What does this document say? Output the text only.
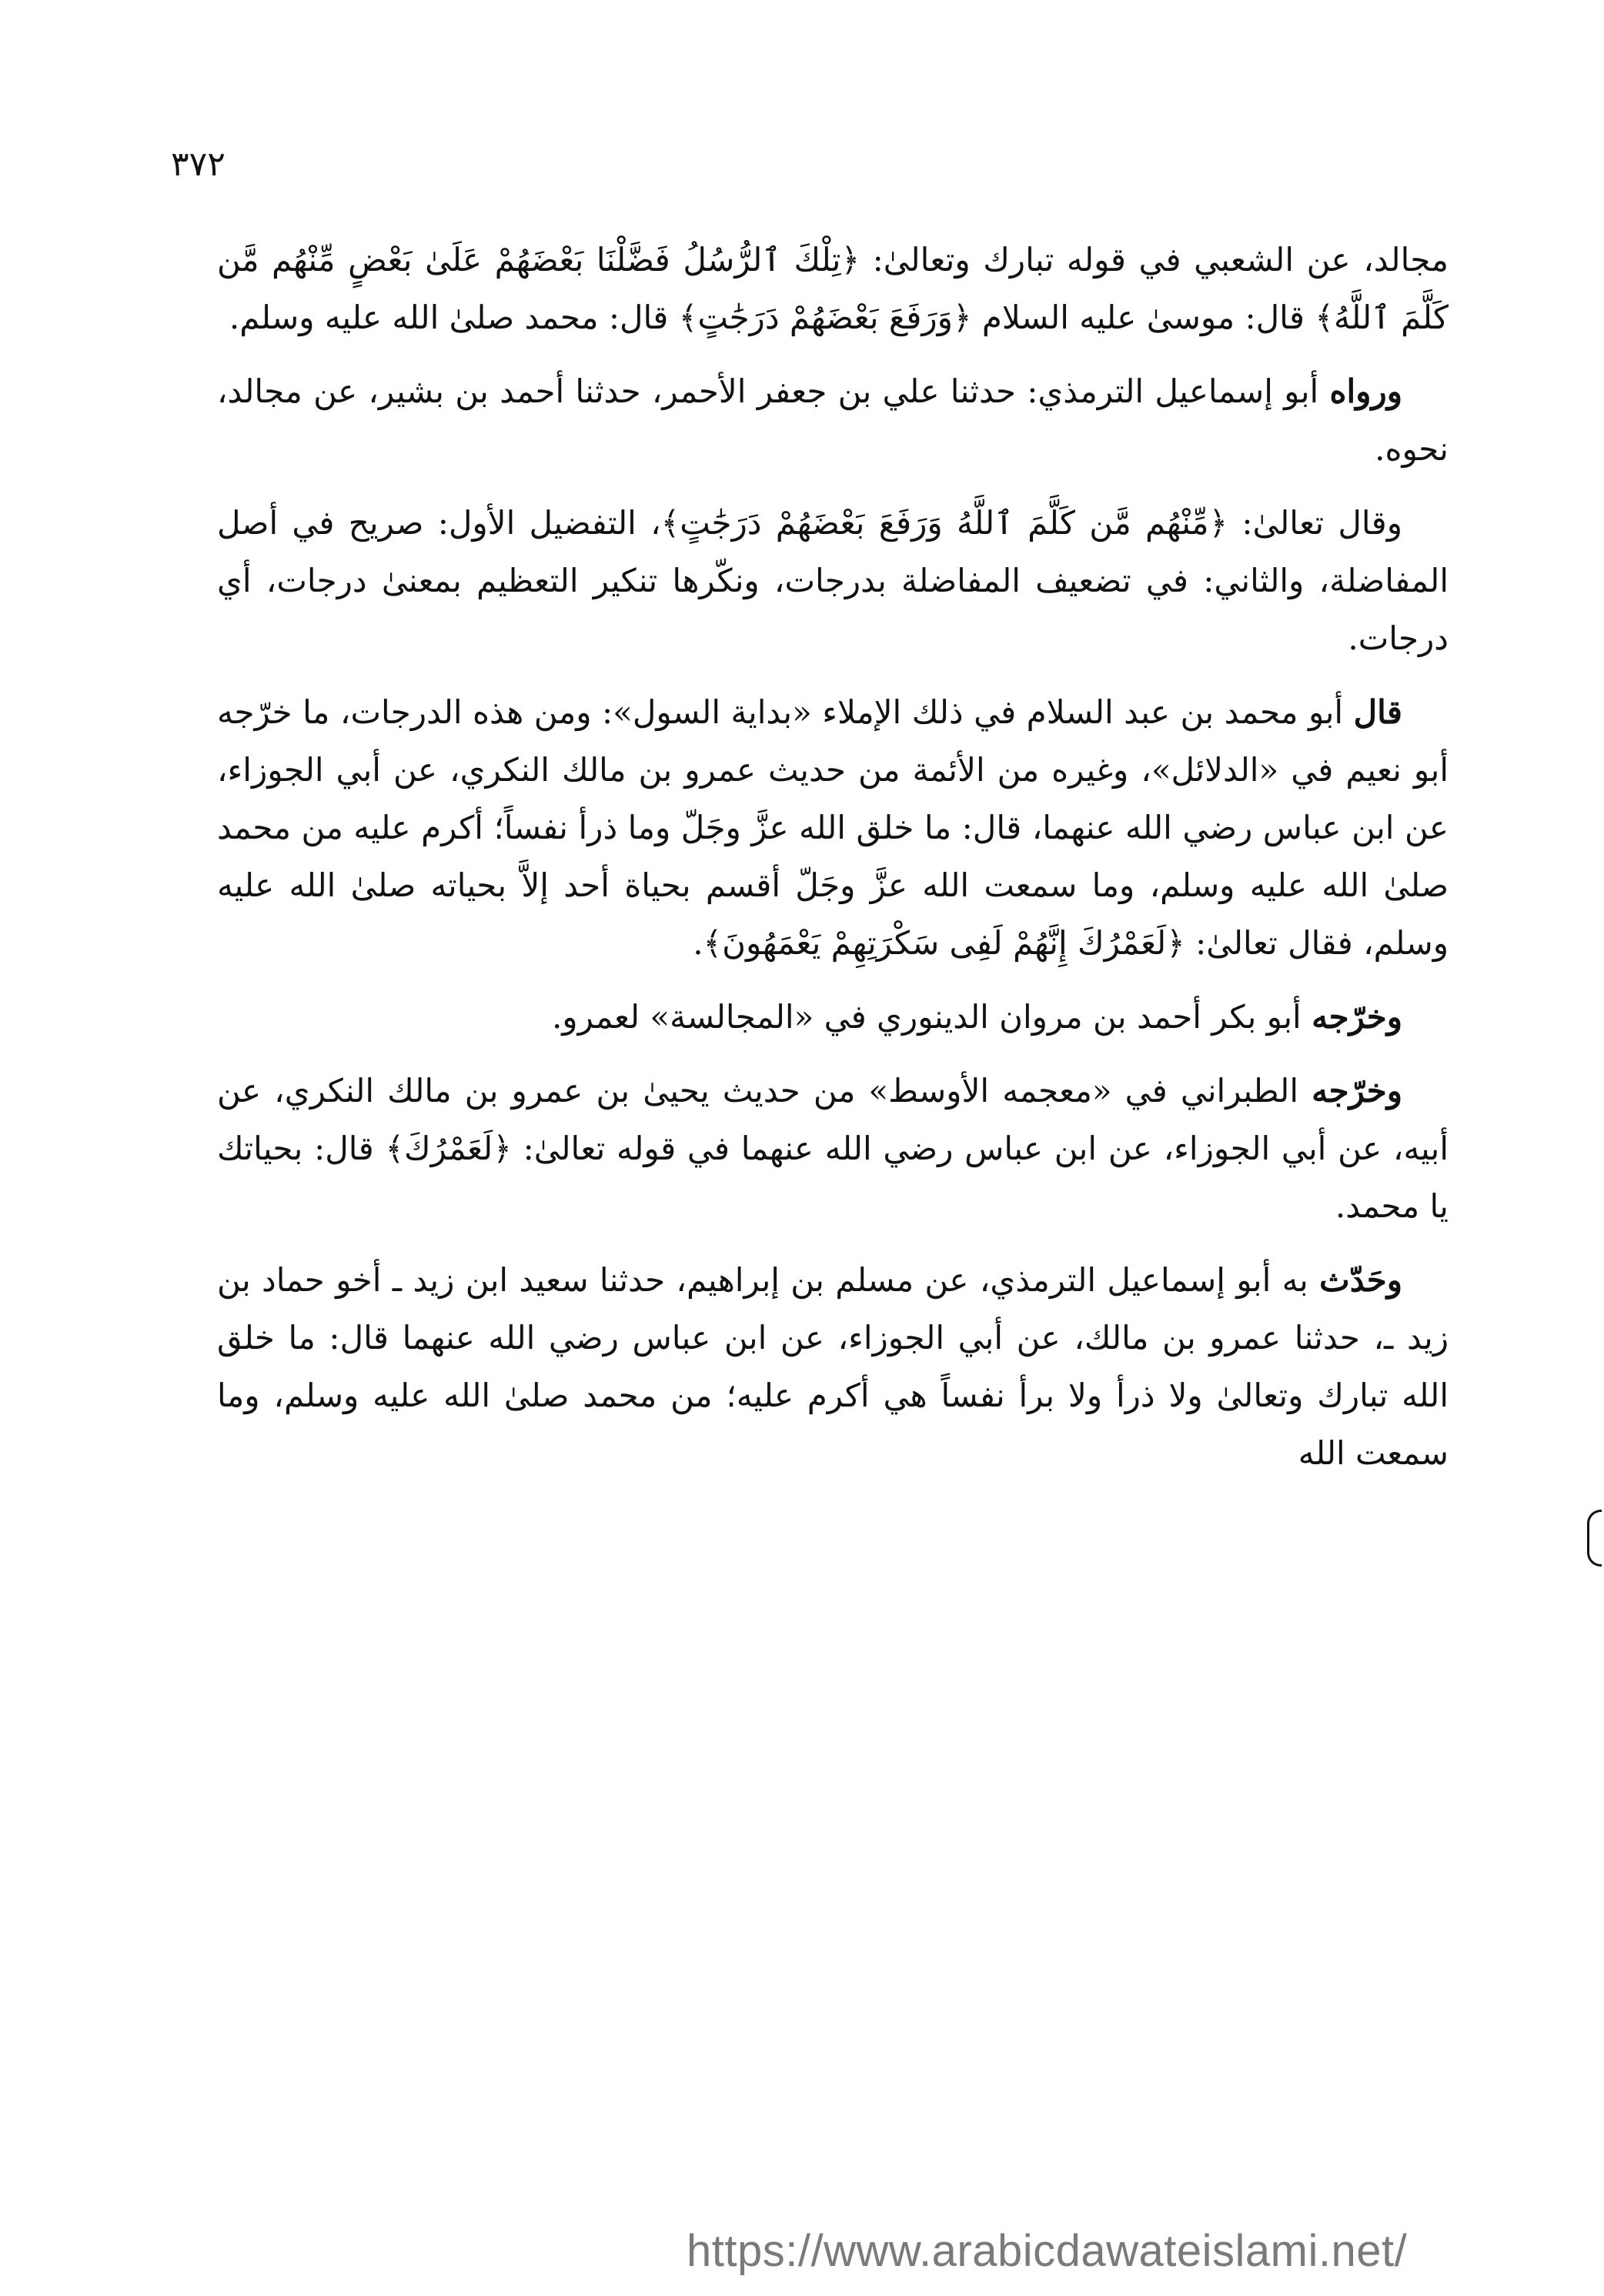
٣٧٢

مجالد، عن الشعبي في قوله تبارك وتعالىٰ: ﴿تِلْكَ ٱلرُّسُلُ فَضَّلْنَا بَعْضَهُمْ عَلَىٰ بَعْضٍ مِّنْهُم مَّن كَلَّمَ ٱللَّهُ﴾ قال: موسىٰ عليه السلام ﴿وَرَفَعَ بَعْضَهُمْ دَرَجَٰتٍ﴾ قال: محمد صلىٰ الله عليه وسلم.

ورواه أبو إسماعيل الترمذي: حدثنا علي بن جعفر الأحمر، حدثنا أحمد بن بشير، عن مجالد، نحوه.

وقال تعالىٰ: ﴿مِّنْهُم مَّن كَلَّمَ ٱللَّهُ وَرَفَعَ بَعْضَهُمْ دَرَجَٰتٍ﴾، التفضيل الأول: صريح في أصل المفاضلة، والثاني: في تضعيف المفاضلة بدرجات، ونكّرها تنكير التعظيم بمعنىٰ درجات، أي درجات.

قال أبو محمد بن عبد السلام في ذلك الإملاء «بداية السول»: ومن هذه الدرجات، ما خرّجه أبو نعيم في «الدلائل»، وغيره من الأئمة من حديث عمرو بن مالك النكري، عن أبي الجوزاء، عن ابن عباس رضي الله عنهما، قال: ما خلق الله عزَّ وجَلّ وما ذرأ نفساً؛ أكرم عليه من محمد صلىٰ الله عليه وسلم، وما سمعت الله عزَّ وجَلّ أقسم بحياة أحد إلاَّ بحياته صلىٰ الله عليه وسلم، فقال تعالىٰ: ﴿لَعَمْرُكَ إِنَّهُمْ لَفِى سَكْرَتِهِمْ يَعْمَهُونَ﴾.

وخرّجه أبو بكر أحمد بن مروان الدينوري في «المجالسة» لعمرو.

وخرّجه الطبراني في «معجمه الأوسط» من حديث يحيىٰ بن عمرو بن مالك النكري، عن أبيه، عن أبي الجوزاء، عن ابن عباس رضي الله عنهما في قوله تعالىٰ: ﴿لَعَمْرُكَ﴾ قال: بحياتك يا محمد.

وحَدّث به أبو إسماعيل الترمذي، عن مسلم بن إبراهيم، حدثنا سعيد ابن زيد ـ أخو حماد بن زيد ـ، حدثنا عمرو بن مالك، عن أبي الجوزاء، عن ابن عباس رضي الله عنهما قال: ما خلق الله تبارك وتعالىٰ ولا ذرأ ولا برأ نفساً هي أكرم عليه؛ من محمد صلىٰ الله عليه وسلم، وما سمعت الله

https://www.arabicdawateislami.net/
